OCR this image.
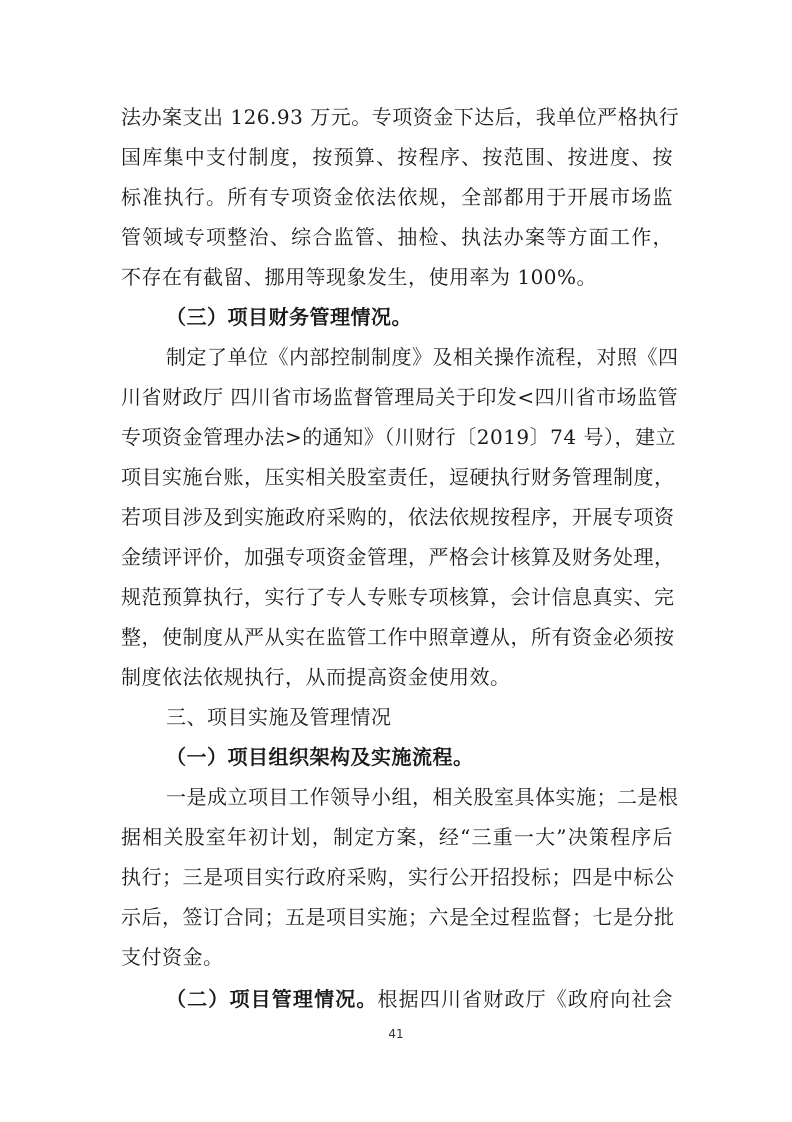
法办案支出 126.93 万元。专项资金下达后，我单位严格执行
国库集中支付制度，按预算、按程序、按范围、按进度、按
标准执行。所有专项资金依法依规，全部都用于开展市场监
管领域专项整治、综合监管、抽检、执法办案等方面工作，
不存在有截留、挪用等现象发生，使用率为 100%。
（三）项目财务管理情况。
制定了单位《内部控制制度》及相关操作流程，对照《四
川省财政厅 四川省市场监督管理局关于印发<四川省市场监管
专项资金管理办法>的通知》（川财行〔2019〕74 号），建立
项目实施台账，压实相关股室责任，逗硬执行财务管理制度，
若项目涉及到实施政府采购的，依法依规按程序，开展专项资
金绩评评价，加强专项资金管理，严格会计核算及财务处理，
规范预算执行，实行了专人专账专项核算，会计信息真实、完
整，使制度从严从实在监管工作中照章遵从，所有资金必须按
制度依法依规执行，从而提高资金使用效。
三、项目实施及管理情况
（一）项目组织架构及实施流程。
一是成立项目工作领导小组，相关股室具体实施；二是根
据相关股室年初计划，制定方案，经“三重一大”决策程序后
执行；三是项目实行政府采购，实行公开招投标；四是中标公
示后，签订合同；五是项目实施；六是全过程监督；七是分批
支付资金。
（二）项目管理情况。根据四川省财政厅《政府向社会
41
